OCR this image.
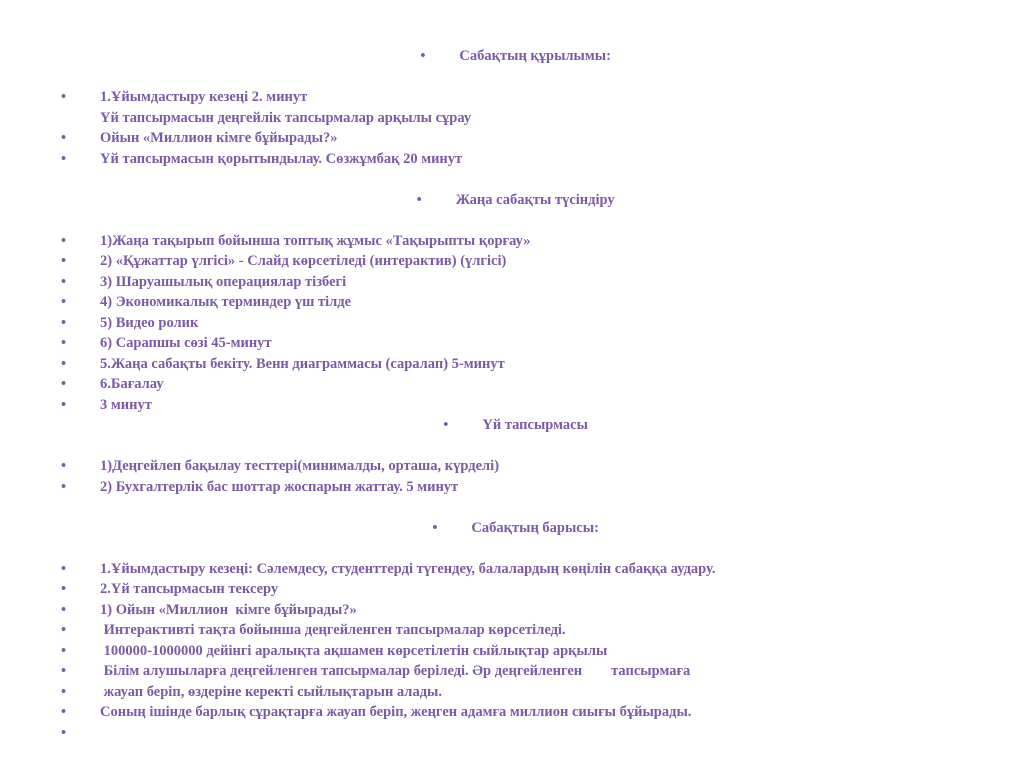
• Сабақтың құрылымы:

• 1.Ұйымдастыру кезеңі 2. минут

Үй тапсырмасын деңгейлік тапсырмалар арқылы сұрау

• Ойын «Миллион кімге бұйырады?»

• Үй тапсырмасын қорытындылау. Сөзжұмбақ 20 минут

• Жаңа сабақты түсіндіру

• 1)Жаңа тақырып бойынша топтық жұмыс «Тақырыпты қорғау»

• 2) «Құжаттар үлгісі» - Слайд көрсетіледі (интерактив) (үлгісі)

• 3) Шаруашылық операциялар тізбегі

• 4) Экономикалық терминдер үш тілде

• 5) Видео ролик

• 6) Сарапшы сөзі 45-минут

• 5.Жаңа сабақты бекіту. Венн диаграммасы (саралап) 5-минут

• 6.Бағалау

• 3 минут

• Үй тапсырмасы

• 1)Деңгейлеп бақылау тесттері(минималды, орташа, күрделі)

• 2) Бухгалтерлік бас шоттар жоспарын жаттау. 5 минут

• Сабақтың барысы:

• 1.Ұйымдастыру кезеңі: Сәлемдесу, студенттерді түгендеу, балалардың көңілін сабаққа аудару.

• 2.Үй тапсырмасын тексеру

• 1) Ойын «Миллион  кімге бұйырады?»

• Интерактивті тақта бойынша деңгейленген тапсырмалар көрсетіледі.

• 100000-1000000 дейінгі аралықта ақшамен көрсетілетін сыйлықтар арқылы

• Білім алушыларға деңгейленген тапсырмалар беріледі. Әр деңгейленген        тапсырмаға

• жауап беріп, өздеріне керекті сыйлықтарын алады.

• Соның ішінде барлық сұрақтарға жауап беріп, жеңген адамға миллион сиығы бұйырады.

•
